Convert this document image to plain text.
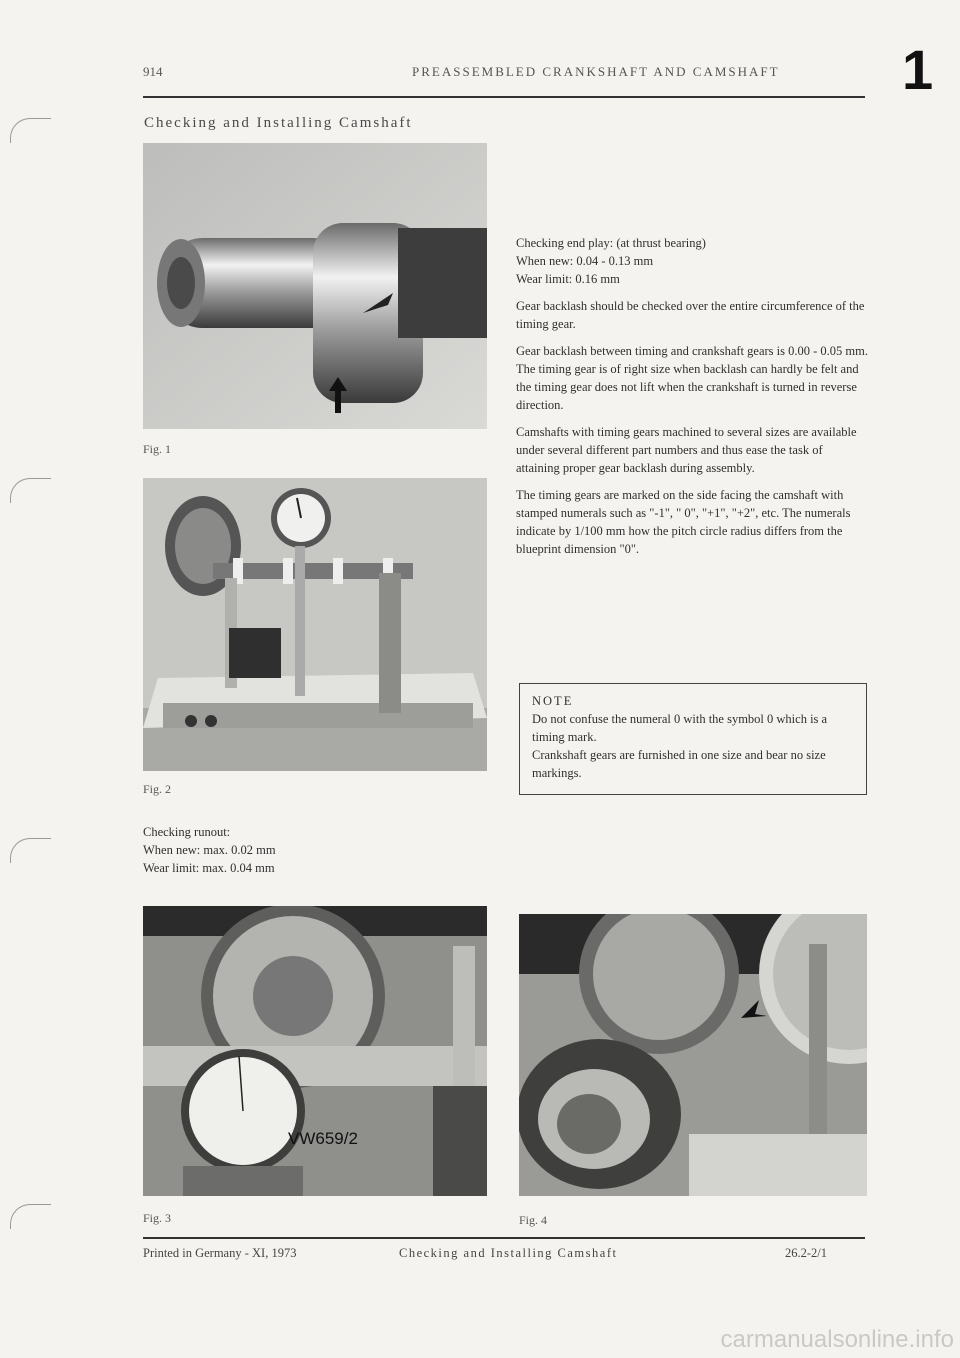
914	PREASSEMBLED CRANKSHAFT AND CAMSHAFT 1
Checking and Installing Camshaft
Fig. 1
Fig. 2
Checking end play: (at thrust bearing)
When new: 0.04 - 0.13 mm
Wear limit: 0.16 mm

Gear backlash should be checked over the entire circumference of the timing gear.

Gear backlash between timing and crankshaft gears is 0.00 - 0.05 mm.

The timing gear is of right size when backlash can hardly be felt and the timing gear does not lift when the crankshaft is turned in reverse direction.

Camshafts with timing gears machined to several sizes are available under several different part numbers and thus ease the task of attaining proper gear backlash during assembly.

The timing gears are marked on the side facing the camshaft with stamped numerals such as "-1", " 0", "+1", "+2", etc. The numerals indicate by 1/100 mm how the pitch circle radius differs from the blueprint dimension "0".

NOTE
Do not confuse the numeral 0 with the symbol 0 which is a timing mark.
Crankshaft gears are furnished in one size and bear no size markings.
Checking runout:
When new: max. 0.02 mm
Wear limit: max. 0.04 mm
VW659/2
Fig. 3	Fig. 4
Printed in Germany - XI, 1973	Checking and Installing Camshaft	26.2-2/1
carmanualsonline.info
